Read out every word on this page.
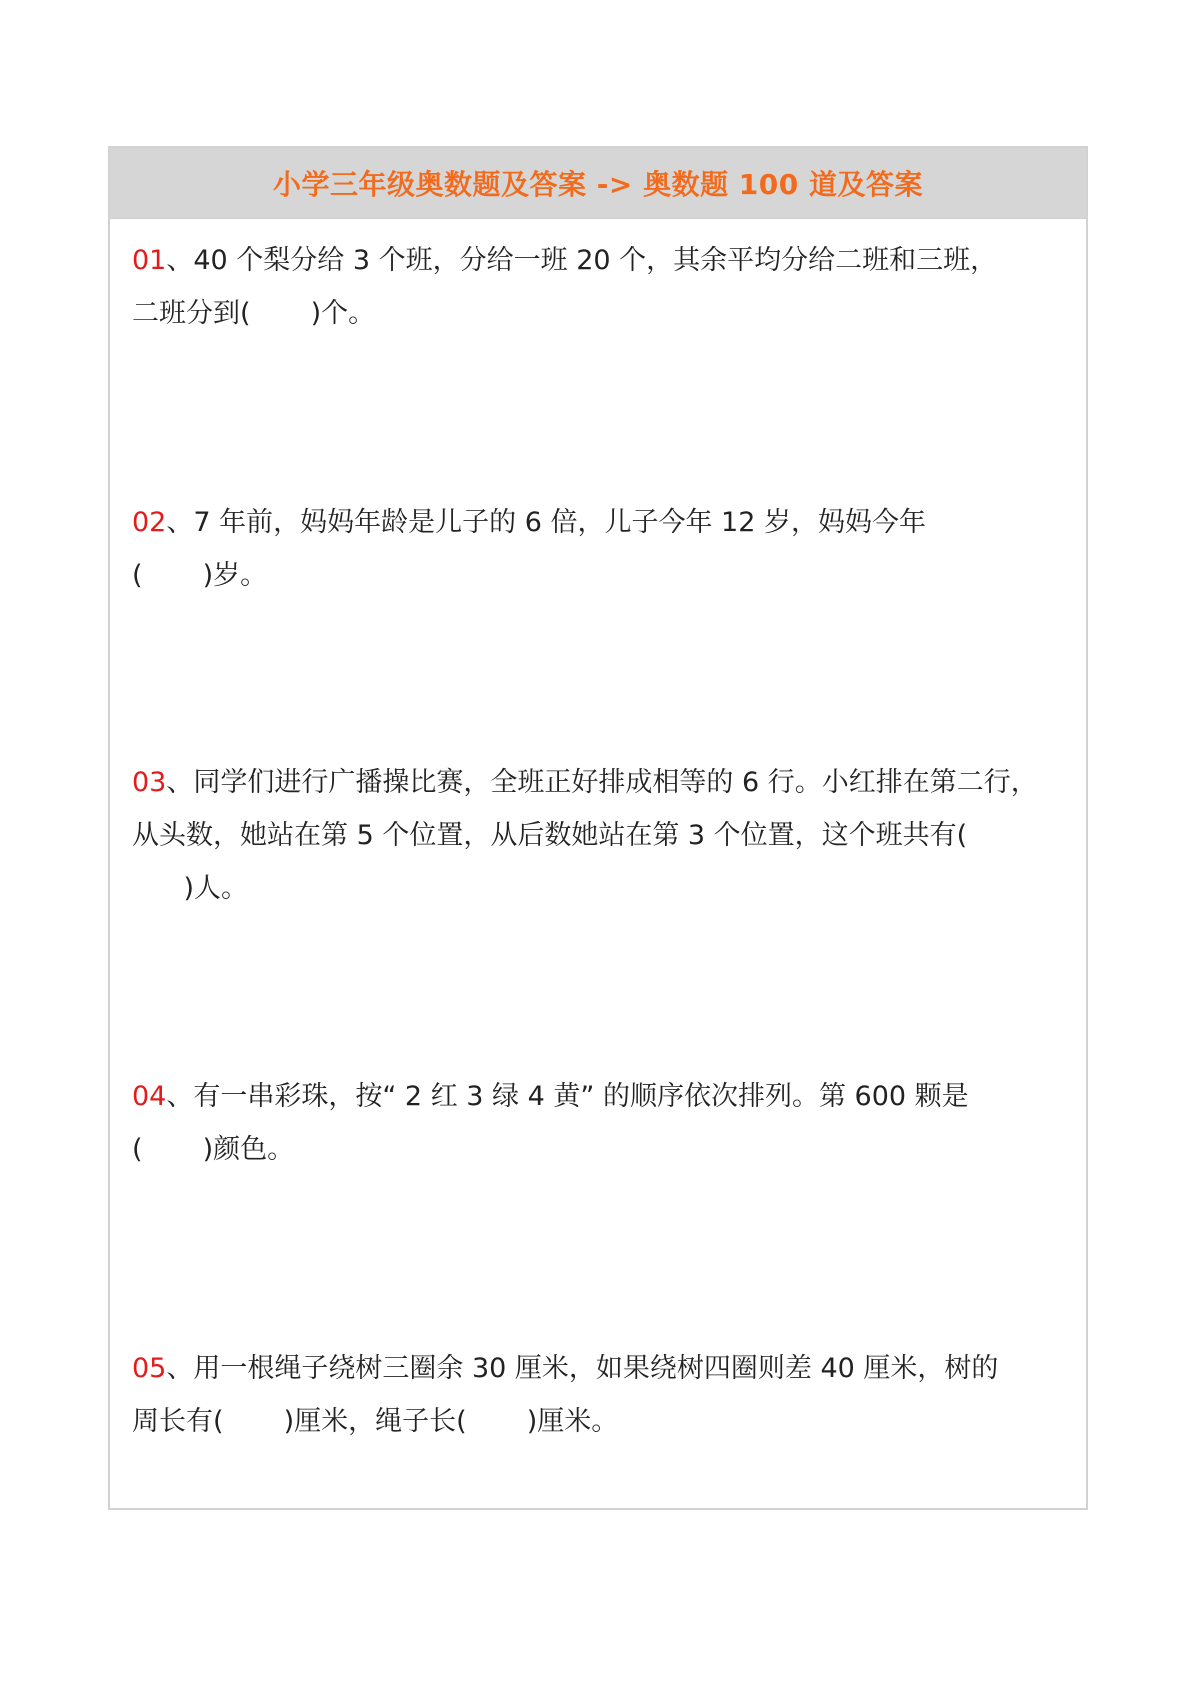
小学三年级奥数题及答案 -> 奥数题 100 道及答案
01、40 个梨分给 3 个班，分给一班 20 个，其余平均分给二班和三班，
二班分到(       )个。
02、7 年前，妈妈年龄是儿子的 6 倍，儿子今年 12 岁，妈妈今年
(       )岁。
03、同学们进行广播操比赛，全班正好排成相等的 6 行。小红排在第二行，
从头数，她站在第 5 个位置，从后数她站在第 3 个位置，这个班共有(
)人。
04、有一串彩珠，按“ 2 红 3 绿 4 黄” 的顺序依次排列。第 600 颗是
(       )颜色。
05、用一根绳子绕树三圈余 30 厘米，如果绕树四圈则差 40 厘米，树的
周长有(       )厘米，绳子长(       )厘米。
